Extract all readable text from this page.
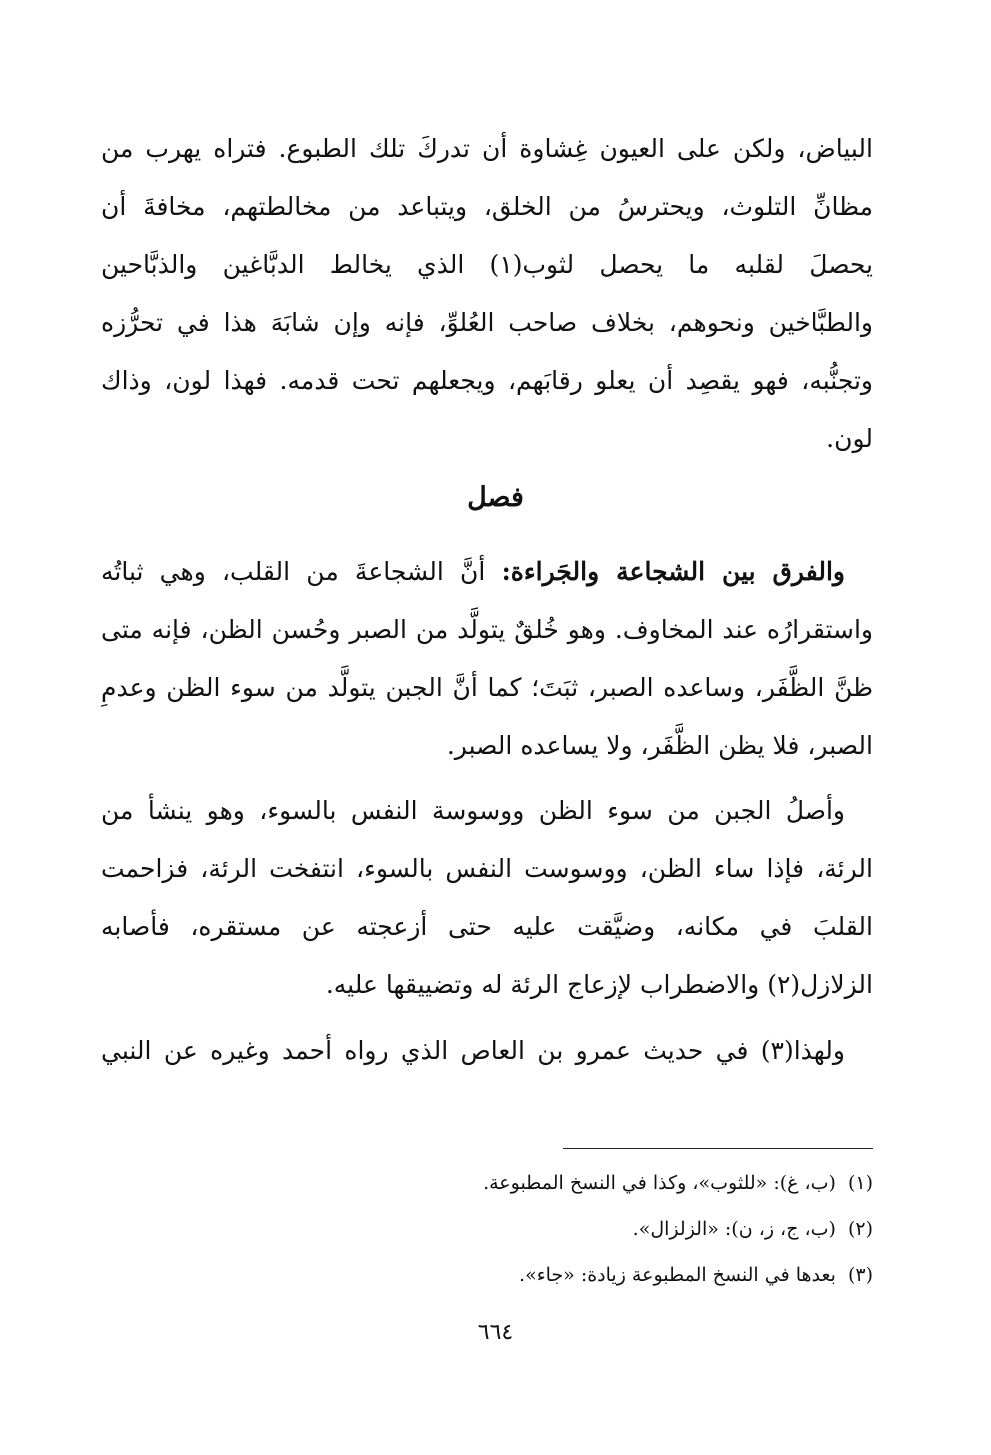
البياض، ولكن على العيون غِشاوة أن تدركَ تلك الطبوع. فتراه يهرب من
مظانِّ التلوث، ويحترسُ من الخلق، ويتباعد من مخالطتهم، مخافةَ أن
يحصلَ لقلبه ما يحصل لثوب(١) الذي يخالط الدبَّاغين والذبَّاحين
والطبَّاخين ونحوهم، بخلاف صاحب العُلوِّ، فإنه وإن شابَهَ هذا في تحرُّزه
وتجنُّبه، فهو يقصِد أن يعلو رقابَهم، ويجعلهم تحت قدمه. فهذا لون، وذاك
لون.
فصل
والفرق بين الشجاعة والجَراءة: أنَّ الشجاعةَ من القلب، وهي ثباتُه
واستقرارُه عند المخاوف. وهو خُلقٌ يتولَّد من الصبر وحُسن الظن، فإنه متى
ظنَّ الظَّفَر، وساعده الصبر، ثبَتَ؛ كما أنَّ الجبن يتولَّد من سوء الظن وعدمِ
الصبر، فلا يظن الظَّفَر، ولا يساعده الصبر.
وأصلُ الجبن من سوء الظن ووسوسة النفس بالسوء، وهو ينشأ من
الرئة، فإذا ساء الظن، ووسوست النفس بالسوء، انتفخت الرئة، فزاحمت
القلبَ في مكانه، وضيَّقت عليه حتى أزعجته عن مستقره، فأصابه
الزلازل(٢) والاضطراب لإزعاج الرئة له وتضييقها عليه.
ولهذا(٣) في حديث عمرو بن العاص الذي رواه أحمد وغيره عن النبي
(١)(ب، غ): «للثوب»، وكذا في النسخ المطبوعة.
(٢)(ب، ج، ز، ن): «الزلزال».
(٣)بعدها في النسخ المطبوعة زيادة: «جاء».
٦٦٤
